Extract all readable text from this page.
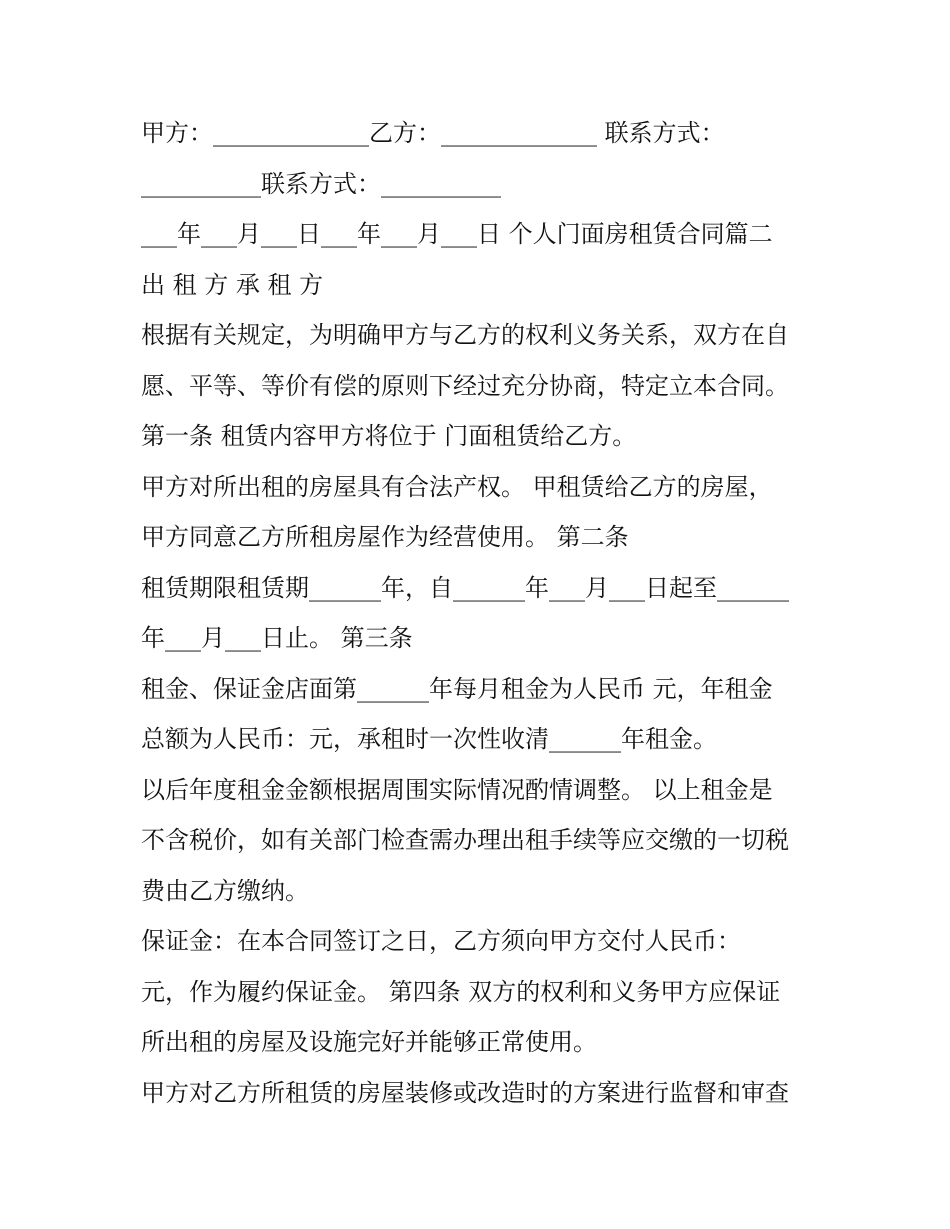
甲方：_____________乙方：_____________ 联系方式：
__________联系方式：__________
___年___月___日___年___月___日 个人门面房租赁合同篇二
出 租 方 承 租 方
根据有关规定，为明确甲方与乙方的权利义务关系，双方在自
愿、平等、等价有偿的原则下经过充分协商，特定立本合同。
第一条 租赁内容甲方将位于 门面租赁给乙方。
甲方对所出租的房屋具有合法产权。 甲租赁给乙方的房屋，
甲方同意乙方所租房屋作为经营使用。 第二条
租赁期限租赁期______年，自______年___月___日起至______
年___月___日止。 第三条
租金、保证金店面第______年每月租金为人民币 元，年租金
总额为人民币：元，承租时一次性收清______年租金。
以后年度租金金额根据周围实际情况酌情调整。 以上租金是
不含税价，如有关部门检查需办理出租手续等应交缴的一切税
费由乙方缴纳。
保证金：在本合同签订之日，乙方须向甲方交付人民币：
元，作为履约保证金。 第四条 双方的权利和义务甲方应保证
所出租的房屋及设施完好并能够正常使用。
甲方对乙方所租赁的房屋装修或改造时的方案进行监督和审查
